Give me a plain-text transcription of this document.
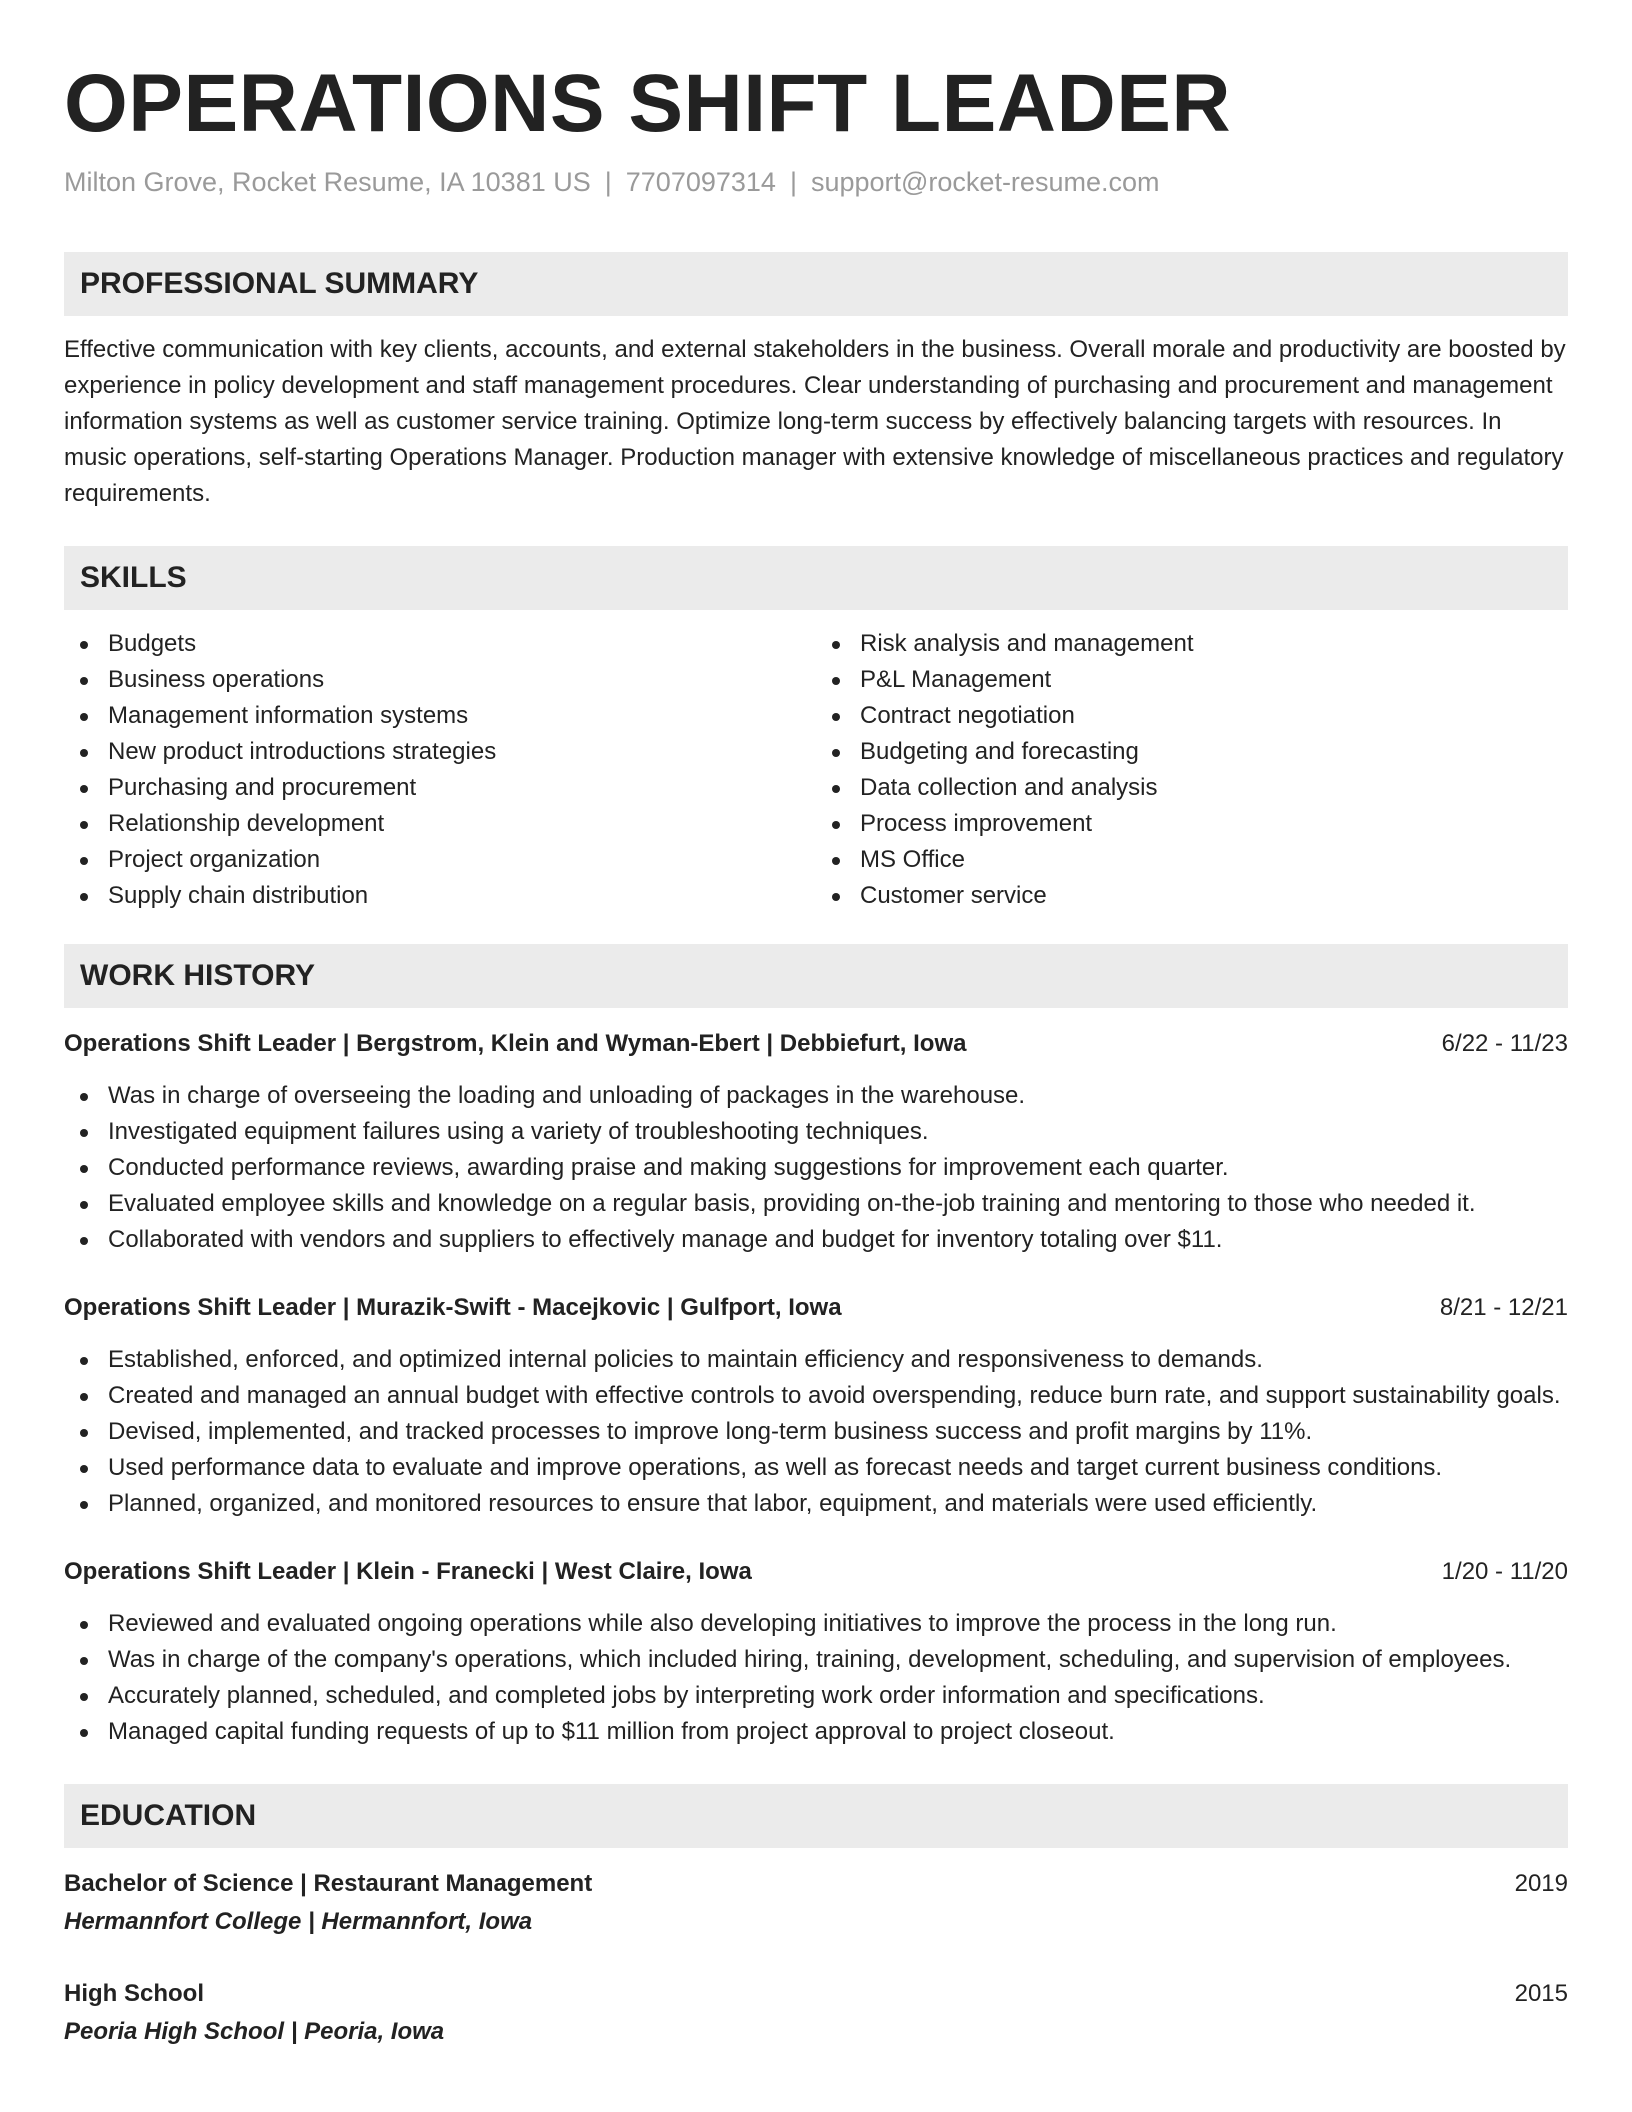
OPERATIONS SHIFT LEADER
Milton Grove, Rocket Resume, IA 10381 US | 7707097314 | support@rocket-resume.com
PROFESSIONAL SUMMARY

Effective communication with key clients, accounts, and external stakeholders in the business. Overall morale and productivity are boosted by experience in policy development and staff management procedures. Clear understanding of purchasing and procurement and management information systems as well as customer service training. Optimize long-term success by effectively balancing targets with resources. In music operations, self-starting Operations Manager. Production manager with extensive knowledge of miscellaneous practices and regulatory requirements.

SKILLS
Budgets
Business operations
Management information systems
New product introductions strategies
Purchasing and procurement
Relationship development
Project organization
Supply chain distribution
Risk analysis and management
P&L Management
Contract negotiation
Budgeting and forecasting
Data collection and analysis
Process improvement
MS Office
Customer service
WORK HISTORY
Operations Shift Leader | Bergstrom, Klein and Wyman-Ebert | Debbiefurt, Iowa	6/22 - 11/23
Was in charge of overseeing the loading and unloading of packages in the warehouse.
Investigated equipment failures using a variety of troubleshooting techniques.
Conducted performance reviews, awarding praise and making suggestions for improvement each quarter.
Evaluated employee skills and knowledge on a regular basis, providing on-the-job training and mentoring to those who needed it.
Collaborated with vendors and suppliers to effectively manage and budget for inventory totaling over $11.
Operations Shift Leader | Murazik-Swift - Macejkovic | Gulfport, Iowa	8/21 - 12/21
Established, enforced, and optimized internal policies to maintain efficiency and responsiveness to demands.
Created and managed an annual budget with effective controls to avoid overspending, reduce burn rate, and support sustainability goals.
Devised, implemented, and tracked processes to improve long-term business success and profit margins by 11%.
Used performance data to evaluate and improve operations, as well as forecast needs and target current business conditions.
Planned, organized, and monitored resources to ensure that labor, equipment, and materials were used efficiently.
Operations Shift Leader | Klein - Franecki | West Claire, Iowa	1/20 - 11/20
Reviewed and evaluated ongoing operations while also developing initiatives to improve the process in the long run.
Was in charge of the company's operations, which included hiring, training, development, scheduling, and supervision of employees.
Accurately planned, scheduled, and completed jobs by interpreting work order information and specifications.
Managed capital funding requests of up to $11 million from project approval to project closeout.
EDUCATION
Bachelor of Science | Restaurant Management	2019
Hermannfort College | Hermannfort, Iowa
High School	2015
Peoria High School | Peoria, Iowa
